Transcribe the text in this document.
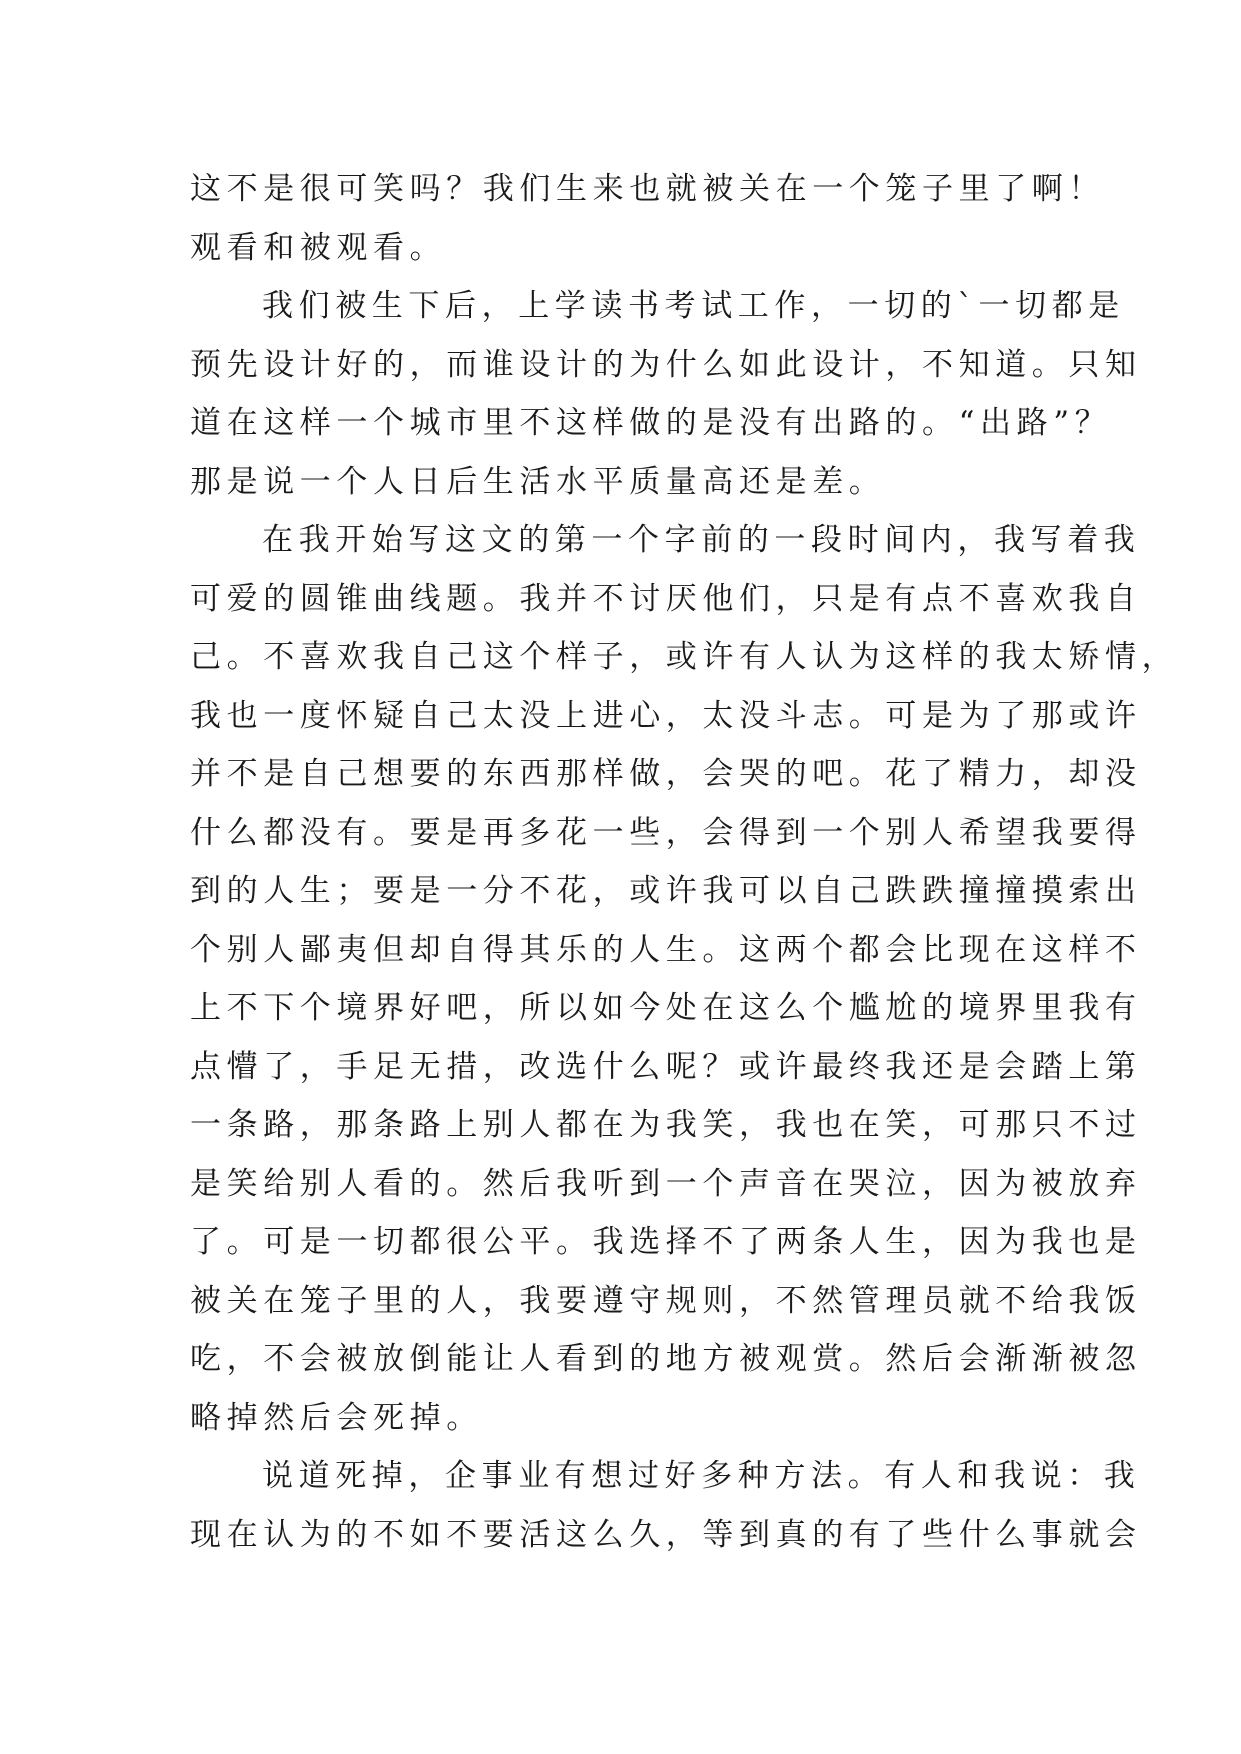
这不是很可笑吗？我们生来也就被关在一个笼子里了啊！
观看和被观看。

我们被生下后，上学读书考试工作，一切的`一切都是
预先设计好的，而谁设计的为什么如此设计，不知道。只知
道在这样一个城市里不这样做的是没有出路的。“出路”？
那是说一个人日后生活水平质量高还是差。

在我开始写这文的第一个字前的一段时间内，我写着我
可爱的圆锥曲线题。我并不讨厌他们，只是有点不喜欢我自
己。不喜欢我自己这个样子，或许有人认为这样的我太矫情，
我也一度怀疑自己太没上进心，太没斗志。可是为了那或许
并不是自己想要的东西那样做，会哭的吧。花了精力，却没
什么都没有。要是再多花一些，会得到一个别人希望我要得
到的人生；要是一分不花，或许我可以自己跌跌撞撞摸索出
个别人鄙夷但却自得其乐的人生。这两个都会比现在这样不
上不下个境界好吧，所以如今处在这么个尴尬的境界里我有
点懵了，手足无措，改选什么呢？或许最终我还是会踏上第
一条路，那条路上别人都在为我笑，我也在笑，可那只不过
是笑给别人看的。然后我听到一个声音在哭泣，因为被放弃
了。可是一切都很公平。我选择不了两条人生，因为我也是
被关在笼子里的人，我要遵守规则，不然管理员就不给我饭
吃，不会被放倒能让人看到的地方被观赏。然后会渐渐被忽
略掉然后会死掉。

说道死掉，企事业有想过好多种方法。有人和我说：我
现在认为的不如不要活这么久，等到真的有了些什么事就会
